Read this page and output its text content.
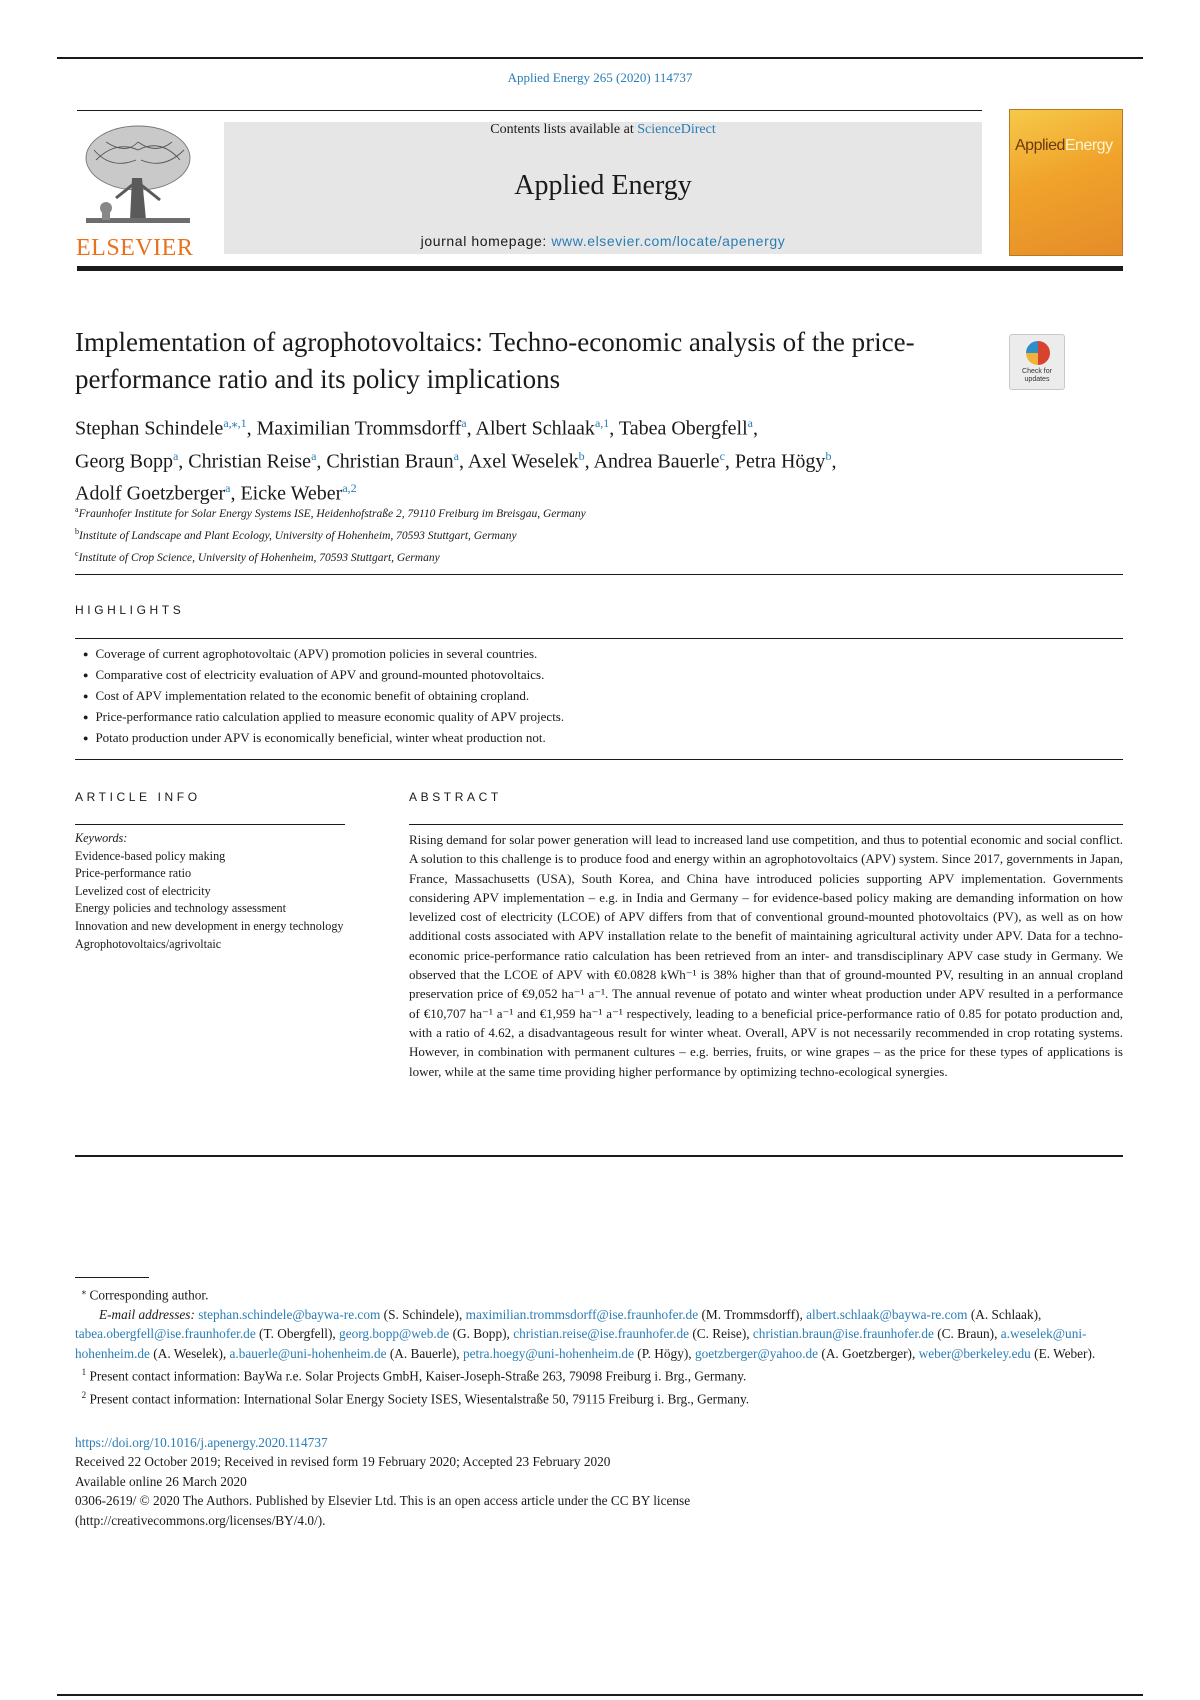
Applied Energy 265 (2020) 114737
ELSEVIER
Contents lists available at ScienceDirect
Applied Energy
journal homepage: www.elsevier.com/locate/apenergy
AppliedEnergy
Implementation of agrophotovoltaics: Techno-economic analysis of the price-performance ratio and its policy implications	Check for
updates
Stephan Schindele$^{a,⁎,1}$, Maximilian Trommsdorff$^a$, Albert Schlaak$^{a,1}$, Tabea Obergfell$^a$,
Georg Bopp$^a$, Christian Reise$^a$, Christian Braun$^a$, Axel Weselek$^b$, Andrea Bauerle$^c$, Petra Högy$^b$,
Adolf Goetzberger$^a$, Eicke Weber$^{a,2}$
$^a$Fraunhofer Institute for Solar Energy Systems ISE, Heidenhofstraße 2, 79110 Freiburg im Breisgau, Germany
$^b$Institute of Landscape and Plant Ecology, University of Hohenheim, 70593 Stuttgart, Germany
$^c$Institute of Crop Science, University of Hohenheim, 70593 Stuttgart, Germany
HIGHLIGHTS
● Coverage of current agrophotovoltaic (APV) promotion policies in several countries.
● Comparative cost of electricity evaluation of APV and ground-mounted photovoltaics.
● Cost of APV implementation related to the economic benefit of obtaining cropland.
● Price-performance ratio calculation applied to measure economic quality of APV projects.
● Potato production under APV is economically beneficial, winter wheat production not.
ARTICLE INFO
Keywords:
Evidence-based policy making
Price-performance ratio
Levelized cost of electricity
Energy policies and technology assessment
Innovation and new development in energy technology
Agrophotovoltaics/agrivoltaic
ABSTRACT
Rising demand for solar power generation will lead to increased land use competition, and thus to potential economic and social conflict. A solution to this challenge is to produce food and energy within an agrophotovoltaics (APV) system. Since 2017, governments in Japan, France, Massachusetts (USA), South Korea, and China have introduced policies supporting APV implementation. Governments considering APV implementation – e.g. in India and Germany – for evidence-based policy making are demanding information on how levelized cost of electricity (LCOE) of APV differs from that of conventional ground-mounted photovoltaics (PV), as well as on how additional costs associated with APV installation relate to the benefit of maintaining agricultural activity under APV. Data for a techno-economic price-performance ratio calculation has been retrieved from an inter- and transdisciplinary APV case study in Germany. We observed that the LCOE of APV with €0.0828 kWh⁻¹ is 38% higher than that of ground-mounted PV, resulting in an annual cropland preservation price of €9,052 ha⁻¹ a⁻¹. The annual revenue of potato and winter wheat production under APV resulted in a performance of €10,707 ha⁻¹ a⁻¹ and €1,959 ha⁻¹ a⁻¹ respectively, leading to a beneficial price-performance ratio of 0.85 for potato production and, with a ratio of 4.62, a disadvantageous result for winter wheat. Overall, APV is not necessarily recommended in crop rotating systems. However, in combination with permanent cultures – e.g. berries, fruits, or wine grapes – as the price for these types of applications is lower, while at the same time providing higher performance by optimizing techno-ecological synergies.
⁎ Corresponding author.
E-mail addresses: stephan.schindele@baywa-re.com (S. Schindele), maximilian.trommsdorff@ise.fraunhofer.de (M. Trommsdorff), albert.schlaak@baywa-re.com (A. Schlaak), tabea.obergfell@ise.fraunhofer.de (T. Obergfell), georg.bopp@web.de (G. Bopp), christian.reise@ise.fraunhofer.de (C. Reise), christian.braun@ise.fraunhofer.de (C. Braun), a.weselek@uni-hohenheim.de (A. Weselek), a.bauerle@uni-hohenheim.de (A. Bauerle), petra.hoegy@uni-hohenheim.de (P. Högy), goetzberger@yahoo.de (A. Goetzberger), weber@berkeley.edu (E. Weber).
$^1$ Present contact information: BayWa r.e. Solar Projects GmbH, Kaiser-Joseph-Straße 263, 79098 Freiburg i. Brg., Germany.
$^2$ Present contact information: International Solar Energy Society ISES, Wiesentalstraße 50, 79115 Freiburg i. Brg., Germany.
https://doi.org/10.1016/j.apenergy.2020.114737
Received 22 October 2019; Received in revised form 19 February 2020; Accepted 23 February 2020
Available online 26 March 2020
0306-2619/ © 2020 The Authors. Published by Elsevier Ltd. This is an open access article under the CC BY license
(http://creativecommons.org/licenses/BY/4.0/).
